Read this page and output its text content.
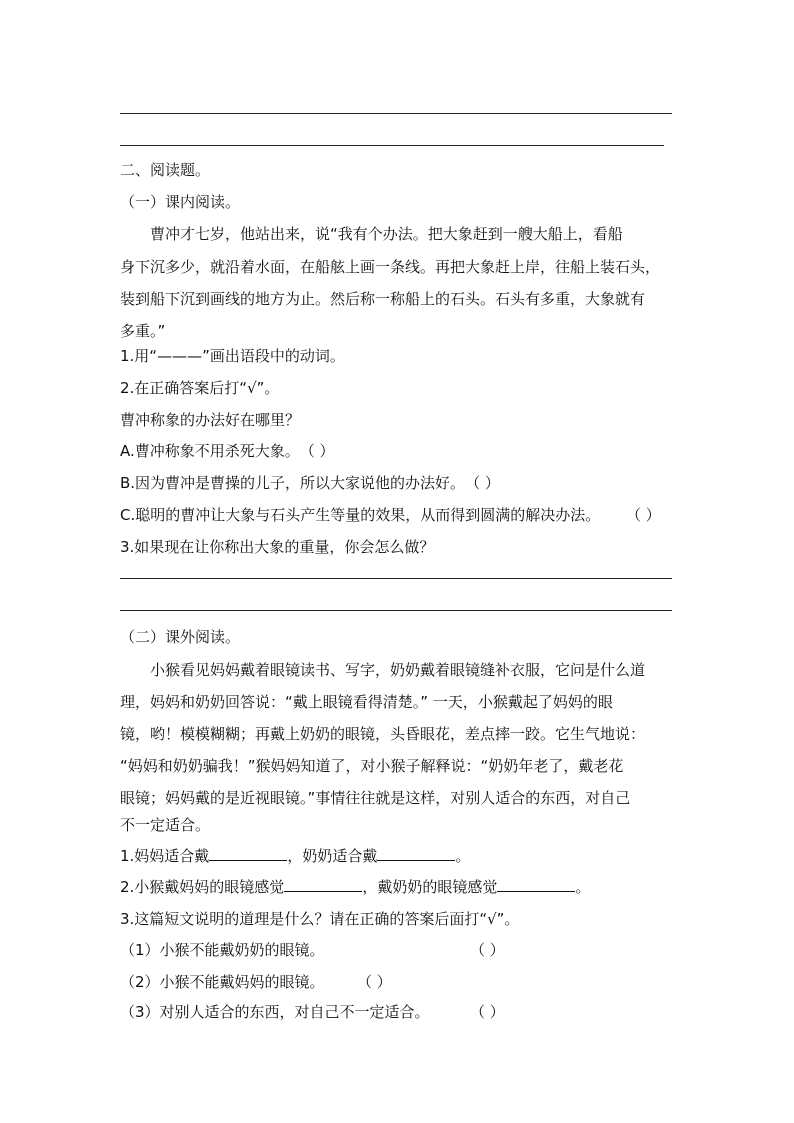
二、阅读题。
（一）课内阅读。
曹冲才七岁，他站出来，说“我有个办法。把大象赶到一艘大船上，看船
身下沉多少，就沿着水面，在船舷上画一条线。再把大象赶上岸，往船上装石头，
装到船下沉到画线的地方为止。然后称一称船上的石头。石头有多重，大象就有
多重。”
1.用“———”画出语段中的动词。
2.在正确答案后打“√”。
曹冲称象的办法好在哪里？
A.曹冲称象不用杀死大象。（ ）
B.因为曹冲是曹操的儿子，所以大家说他的办法好。（ ）
C.聪明的曹冲让大象与石头产生等量的效果，从而得到圆满的解决办法。 （ ）
3.如果现在让你称出大象的重量，你会怎么做？
（二）课外阅读。
小猴看见妈妈戴着眼镜读书、写字，奶奶戴着眼镜缝补衣服，它问是什么道
理，妈妈和奶奶回答说：“戴上眼镜看得清楚。” 一天，小猴戴起了妈妈的眼
镜，哟！模模糊糊；再戴上奶奶的眼镜，头昏眼花，差点摔一跤。它生气地说：
“妈妈和奶奶骗我！”猴妈妈知道了，对小猴子解释说：“奶奶年老了，戴老花
眼镜；妈妈戴的是近视眼镜。”事情往往就是这样，对别人适合的东西，对自己
不一定适合。
1.妈妈适合戴	，奶奶适合戴	。
2.小猴戴妈妈的眼镜感觉	，戴奶奶的眼镜感觉	。
3.这篇短文说明的道理是什么？请在正确的答案后面打“√”。
（1）小猴不能戴奶奶的眼镜。	（ ）
（2）小猴不能戴妈妈的眼镜。 （ ）
（3）对别人适合的东西，对自己不一定适合。	（ ）
